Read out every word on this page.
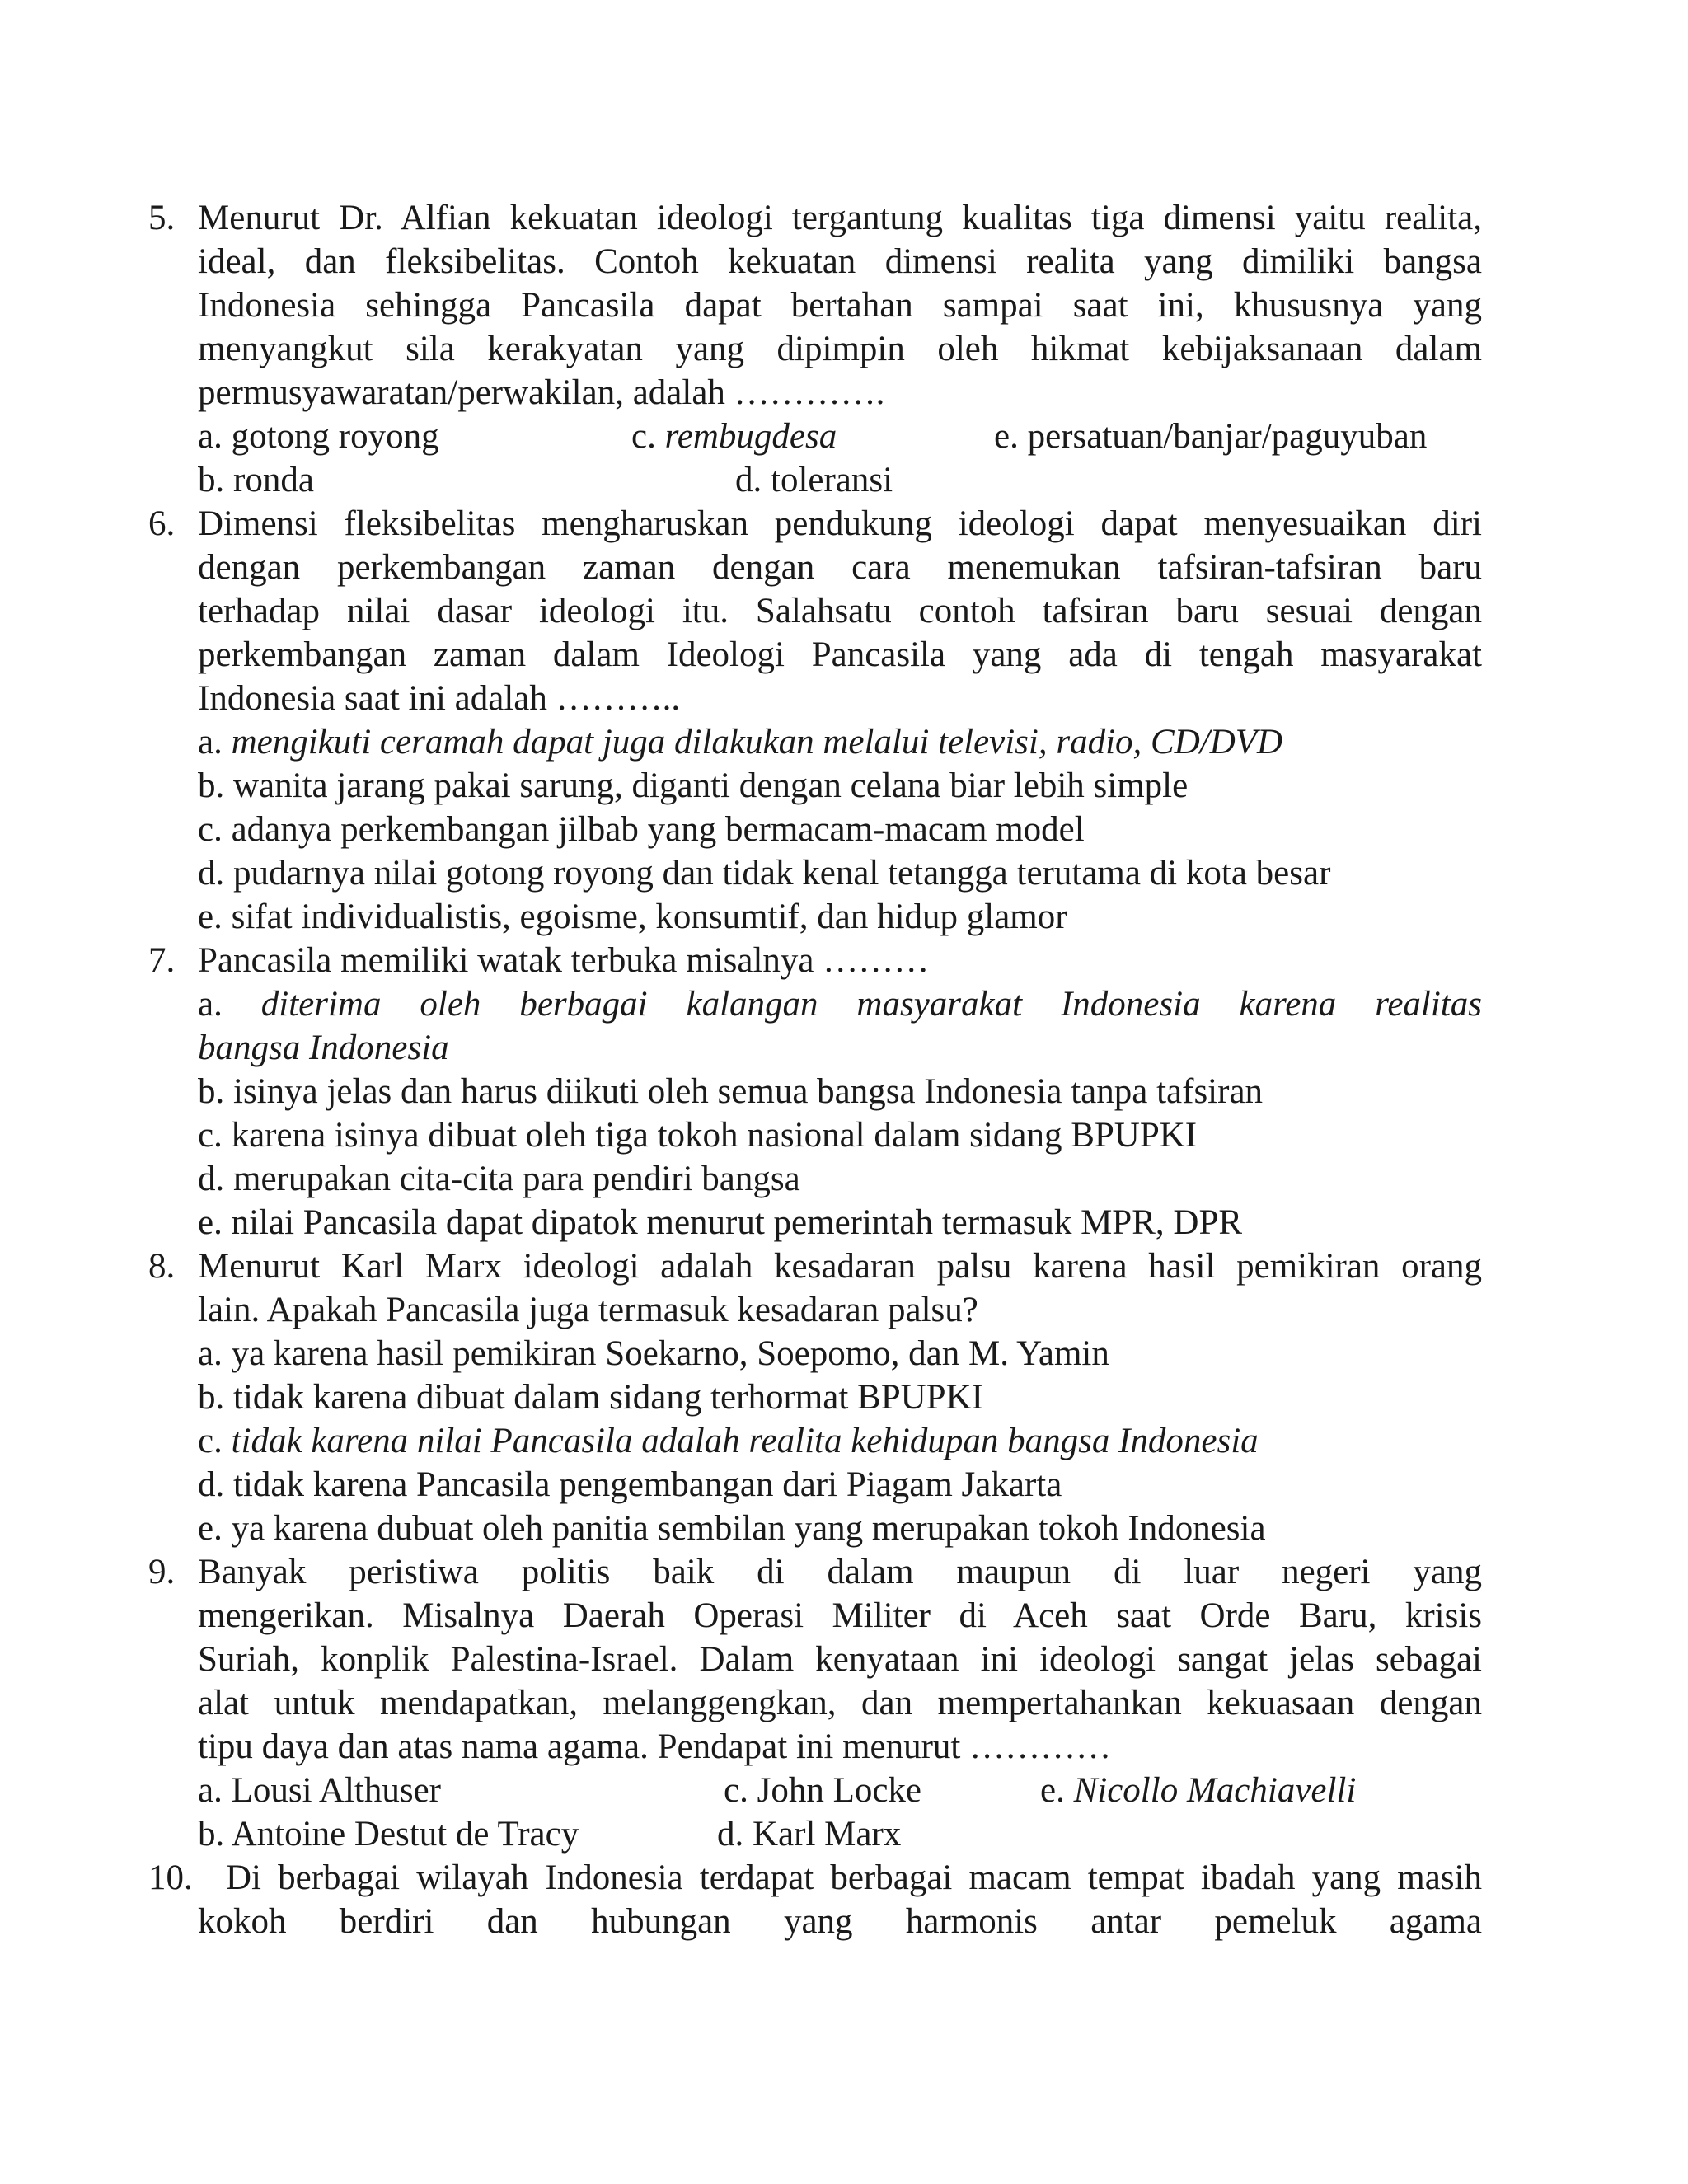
5. Menurut Dr. Alfian kekuatan ideologi tergantung kualitas tiga dimensi yaitu realita,
ideal, dan fleksibelitas. Contoh kekuatan dimensi realita yang dimiliki bangsa
Indonesia sehingga Pancasila dapat bertahan sampai saat ini, khususnya yang
menyangkut sila kerakyatan yang dipimpin oleh hikmat kebijaksanaan dalam
permusyawaratan/perwakilan, adalah ………….
a. gotong royong	c. rembugdesa	e. persatuan/banjar/paguyuban
b. ronda	d. toleransi
6. Dimensi fleksibelitas mengharuskan pendukung ideologi dapat menyesuaikan diri
dengan perkembangan zaman dengan cara menemukan tafsiran-tafsiran baru
terhadap nilai dasar ideologi itu. Salahsatu contoh tafsiran baru sesuai dengan
perkembangan zaman dalam Ideologi Pancasila yang ada di tengah masyarakat
Indonesia saat ini adalah ………..
a. mengikuti ceramah dapat juga dilakukan melalui televisi, radio, CD/DVD
b. wanita jarang pakai sarung, diganti dengan celana biar lebih simple
c. adanya perkembangan jilbab yang bermacam-macam model
d. pudarnya nilai gotong royong dan tidak kenal tetangga terutama di kota besar
e. sifat individualistis, egoisme, konsumtif, dan hidup glamor
7. Pancasila memiliki watak terbuka misalnya ………
a. diterima oleh berbagai kalangan masyarakat Indonesia karena realitas
bangsa Indonesia
b. isinya jelas dan harus diikuti oleh semua bangsa Indonesia tanpa tafsiran
c. karena isinya dibuat oleh tiga tokoh nasional dalam sidang BPUPKI
d. merupakan cita-cita para pendiri bangsa
e. nilai Pancasila dapat dipatok menurut pemerintah termasuk MPR, DPR
8. Menurut Karl Marx ideologi adalah kesadaran palsu karena hasil pemikiran orang
lain. Apakah Pancasila juga termasuk kesadaran palsu?
a. ya karena hasil pemikiran Soekarno, Soepomo, dan M. Yamin
b. tidak karena dibuat dalam sidang terhormat BPUPKI
c. tidak karena nilai Pancasila adalah realita kehidupan bangsa Indonesia
d. tidak karena Pancasila pengembangan dari Piagam Jakarta
e. ya karena dubuat oleh panitia sembilan yang merupakan tokoh Indonesia
9. Banyak peristiwa politis baik di dalam maupun di luar negeri yang
mengerikan. Misalnya Daerah Operasi Militer di Aceh saat Orde Baru, krisis
Suriah, konplik Palestina-Israel. Dalam kenyataan ini ideologi sangat jelas sebagai
alat untuk mendapatkan, melanggengkan, dan mempertahankan kekuasaan dengan
tipu daya dan atas nama agama. Pendapat ini menurut …………
a. Lousi Althuser	c. John Locke	e. Nicollo Machiavelli
b. Antoine Destut de Tracy	d. Karl Marx
10. Di berbagai wilayah Indonesia terdapat berbagai macam tempat ibadah yang masih
kokoh berdiri dan hubungan yang harmonis antar pemeluk agama
